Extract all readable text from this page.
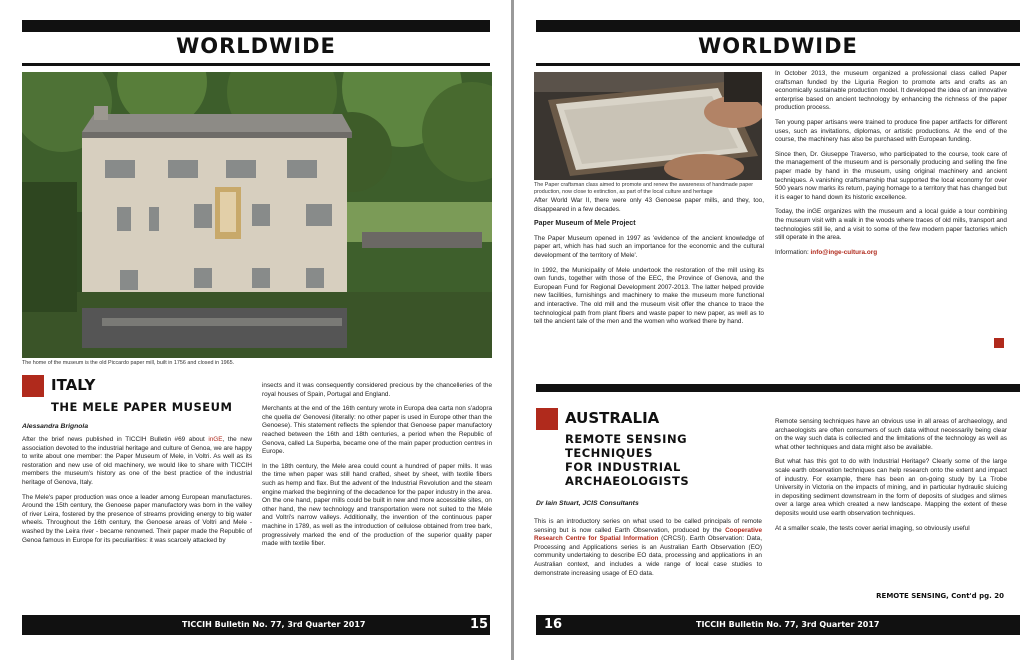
WORLDWIDE
The home of the museum is the old Piccardo paper mill, built in 1756 and closed in 1965.
ITALY
THE MELE PAPER MUSEUM
Alessandra Brignola

After the brief news published in TICCIH Bulletin #69 about inGE, the new association devoted to the industrial heritage and culture of Genoa, we are happy to write about one member: the Paper Museum of Mele, in Voltri. As well as its restoration and new use of old machinery, we would like to share with TICCIH members the museum's history as one of the best practice of the industrial heritage of Genova, Italy.

The Mele's paper production was once a leader among European manufactures. Around the 15th century, the Genoese paper manufactory was born in the valley of river Leira, fostered by the presence of streams providing energy to big water wheels. Throughout the 16th century, the Genoese areas of Voltri and Mele - washed by the Leira river - became renowned. Their paper made the Republic of Genoa famous in Europe for its peculiarities: it was scarcely attacked by

insects and it was consequently considered precious by the chancelleries of the royal houses of Spain, Portugal and England.

Merchants at the end of the 16th century wrote in Europa dea carta non s'adopra che quella de' Genovesi (literally: no other paper is used in Europe other than the Genoese). This statement reflects the splendor that Genoese paper manufactory reached between the 16th and 18th centuries, a period when the Republic of Genova, called La Superba, became one of the main paper production centres in Europe.

In the 18th century, the Mele area could count a hundred of paper mills. It was the time when paper was still hand crafted, sheet by sheet, with textile fibers such as hemp and flax. But the advent of the Industrial Revolution and the steam engine marked the beginning of the decadence for the paper industry in the area. On the one hand, paper mills could be built in new and more accessible sites, on other hand, the new technology and transportation were not suited to the Mele and Voltri's narrow valleys. Additionally, the invention of the continuous paper machine in 1789, as well as the introduction of cellulose obtained from tree bark, progressively marked the end of the production of the superior quality paper made with textile fiber.

TICCIH Bulletin No. 77, 3rd Quarter 2017	15
WORLDWIDE
The Paper craftsman class aimed to promote and renew the awareness of handmade paper production, now close to extinction, as part of the local culture and heritage

After World War II, there were only 43 Genoese paper mills, and they, too, disappeared in a few decades.

Paper Museum of Mele Project

The Paper Museum opened in 1997 as 'evidence of the ancient knowledge of paper art, which has had such an importance for the economic and the cultural development of the territory of Mele'.

In 1992, the Municipality of Mele undertook the restoration of the mill using its own funds, together with those of the EEC, the Province of Genova, and the European Fund for Regional Development 2007-2013. The latter helped provide new facilities, furnishings and machinery to make the museum more functional and interactive. The old mill and the museum visit offer the chance to trace the technological path from plant fibers and waste paper to new paper, as well as to tell the ancient tale of the men and the women who worked there by hand.

In October 2013, the museum organized a professional class called Paper craftsman funded by the Liguria Region to promote arts and crafts as an economically sustainable production model. It developed the idea of an innovative enterprise based on ancient technology by enhancing the richness of the paper production process.

Ten young paper artisans were trained to produce fine paper artifacts for different uses, such as invitations, diplomas, or artistic productions. At the end of the course, the machinery has also be purchased with European funding.

Since then, Dr. Giuseppe Traverso, who participated to the course, took care of the management of the museum and is personally producing and selling the fine paper made by hand in the museum, using original machinery and ancient techniques. A vanishing craftsmanship that supported the local economy for over 500 years now marks its return, paying homage to a territory that has changed but it is eager to hand down its historic excellence.

Today, the inGE organizes with the museum and a local guide a tour combining the museum visit with a walk in the woods where traces of old mills, transport and technologies still lie, and a visit to some of the few modern paper factories which still operate in the area.

Information: info@inge-cultura.org

AUSTRALIA
REMOTE SENSING
TECHNIQUES
FOR INDUSTRIAL
ARCHAEOLOGISTS
Dr Iain Stuart, JCIS Consultants

This is an introductory series on what used to be called principals of remote sensing but is now called Earth Observation, produced by the Cooperative Research Centre for Spatial Information (CRCSI). Earth Observation: Data, Processing and Applications series is an Australian Earth Observation (EO) community undertaking to describe EO data, processing and applications in an Australian context, and includes a wide range of local case studies to demonstrate increasing usage of EO data.

Remote sensing techniques have an obvious use in all areas of archaeology, and archaeologists are often consumers of such data without necessarily being clear on the way such data is collected and the limitations of the technology as well as what other techniques and data might also be available.

But what has this got to do with Industrial Heritage? Clearly some of the large scale earth observation techniques can help research onto the extent and impact of industry. For example, there has been an on-going study by La Trobe University in Victoria on the impacts of mining, and in particular hydraulic sluicing in depositing sediment downstream in the form of deposits of sludges and slimes over a large area which created a new landscape. Mapping the extent of these deposits would use earth observation techniques.

At a smaller scale, the tests cover aerial imaging, so obviously useful

REMOTE SENSING, Cont'd pg. 20
16	TICCIH Bulletin No. 77, 3rd Quarter 2017
